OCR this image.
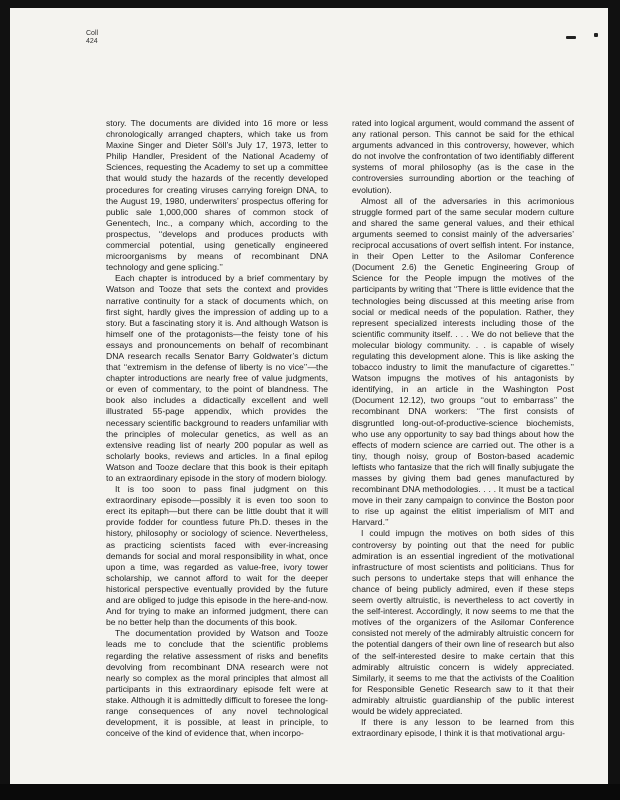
Coll
424

story. The documents are divided into 16 more or less chronologically arranged chapters, which take us from Maxine Singer and Dieter Söll’s July 17, 1973, letter to Philip Handler, President of the National Academy of Sciences, requesting the Academy to set up a committee that would study the hazards of the recently developed procedures for creating viruses carrying foreign DNA, to the August 19, 1980, underwriters’ prospectus offering for public sale 1,000,000 shares of common stock of Genentech, Inc., a company which, according to the prospectus, ‘‘develops and produces products with commercial potential, using genetically engineered microorganisms by means of recombinant DNA technology and gene splicing.’’

Each chapter is introduced by a brief commentary by Watson and Tooze that sets the context and provides narrative continuity for a stack of documents which, on first sight, hardly gives the impression of adding up to a story. But a fascinating story it is. And although Watson is himself one of the protagonists—the feisty tone of his essays and pronouncements on behalf of recombinant DNA research recalls Senator Barry Goldwater’s dictum that ‘‘extremism in the defense of liberty is no vice’’—the chapter introductions are nearly free of value judgments, or even of commentary, to the point of blandness. The book also includes a didactically excellent and well illustrated 55-page appendix, which provides the necessary scientific background to readers unfamiliar with the principles of molecular genetics, as well as an extensive reading list of nearly 200 popular as well as scholarly books, reviews and articles. In a final epilog Watson and Tooze declare that this book is their epitaph to an extraordinary episode in the story of modern biology.

It is too soon to pass final judgment on this extraordinary episode—possibly it is even too soon to erect its epitaph—but there can be little doubt that it will provide fodder for countless future Ph.D. theses in the history, philosophy or sociology of science. Nevertheless, as practicing scientists faced with ever-increasing demands for social and moral responsibility in what, once upon a time, was regarded as value-free, ivory tower scholarship, we cannot afford to wait for the deeper historical perspective eventually provided by the future and are obliged to judge this episode in the here-and-now. And for trying to make an informed judgment, there can be no better help than the documents of this book.

The documentation provided by Watson and Tooze leads me to conclude that the scientific problems regarding the relative assessment of risks and benefits devolving from recombinant DNA research were not nearly so complex as the moral principles that almost all participants in this extraordinary episode felt were at stake. Although it is admittedly difficult to foresee the long-range consequences of any novel technological development, it is possible, at least in principle, to conceive of the kind of evidence that, when incorpo-

rated into logical argument, would command the assent of any rational person. This cannot be said for the ethical arguments advanced in this controversy, however, which do not involve the confrontation of two identifiably different systems of moral philosophy (as is the case in the controversies surrounding abortion or the teaching of evolution).

Almost all of the adversaries in this acrimonious struggle formed part of the same secular modern culture and shared the same general values, and their ethical arguments seemed to consist mainly of the adversaries’ reciprocal accusations of overt selfish intent. For instance, in their Open Letter to the Asilomar Conference (Document 2.6) the Genetic Engineering Group of Science for the People impugn the motives of the participants by writing that ‘‘There is little evidence that the technologies being discussed at this meeting arise from social or medical needs of the population. Rather, they represent specialized interests including those of the scientific community itself. . . . We do not believe that the molecular biology community. . . is capable of wisely regulating this development alone. This is like asking the tobacco industry to limit the manufacture of cigarettes.’’ Watson impugns the motives of his antagonists by identifying, in an article in the Washington Post (Document 12.12), two groups ‘‘out to embarrass’’ the recombinant DNA workers: ‘‘The first consists of disgruntled long-out-of-productive-science biochemists, who use any opportunity to say bad things about how the effects of modern science are carried out. The other is a tiny, though noisy, group of Boston-based academic leftists who fantasize that the rich will finally subjugate the masses by giving them bad genes manufactured by recombinant DNA methodologies. . . . It must be a tactical move in their zany campaign to convince the Boston poor to rise up against the elitist imperialism of MIT and Harvard.’’

I could impugn the motives on both sides of this controversy by pointing out that the need for public admiration is an essential ingredient of the motivational infrastructure of most scientists and politicians. Thus for such persons to undertake steps that will enhance the chance of being publicly admired, even if these steps seem overtly altruistic, is nevertheless to act covertly in the self-interest. Accordingly, it now seems to me that the motives of the organizers of the Asilomar Conference consisted not merely of the admirably altruistic concern for the potential dangers of their own line of research but also of the self-interested desire to make certain that this admirably altruistic concern is widely appreciated. Similarly, it seems to me that the activists of the Coalition for Responsible Genetic Research saw to it that their admirably altruistic guardianship of the public interest would be widely appreciated.

If there is any lesson to be learned from this extraordinary episode, I think it is that motivational argu-
